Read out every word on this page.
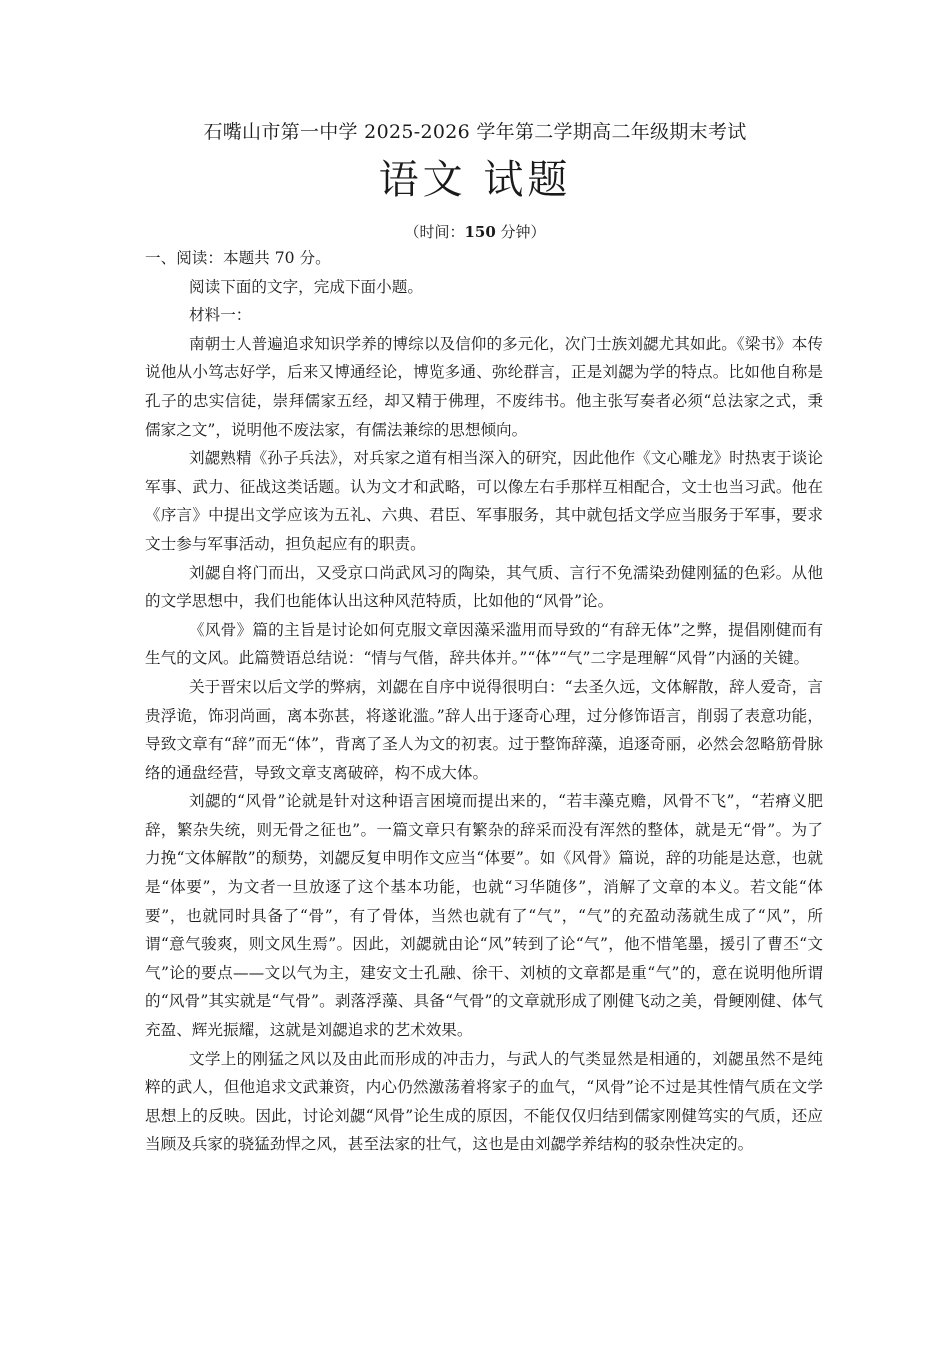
石嘴山市第一中学 2025-2026 学年第二学期高二年级期末考试
语文 试题
（时间：150 分钟）

一、阅读：本题共 70 分。

阅读下面的文字，完成下面小题。

材料一：

南朝士人普遍追求知识学养的博综以及信仰的多元化，次门士族刘勰尤其如此。《梁书》本传说他从小笃志好学，后来又博通经论，博览多通、弥纶群言，正是刘勰为学的特点。比如他自称是孔子的忠实信徒，崇拜儒家五经，却又精于佛理，不废纬书。他主张写奏者必须“总法家之式，秉儒家之文”，说明他不废法家，有儒法兼综的思想倾向。

刘勰熟精《孙子兵法》，对兵家之道有相当深入的研究，因此他作《文心雕龙》时热衷于谈论军事、武力、征战这类话题。认为文才和武略，可以像左右手那样互相配合，文士也当习武。他在《序言》中提出文学应该为五礼、六典、君臣、军事服务，其中就包括文学应当服务于军事，要求文士参与军事活动，担负起应有的职责。

刘勰自将门而出，又受京口尚武风习的陶染，其气质、言行不免濡染劲健刚猛的色彩。从他的文学思想中，我们也能体认出这种风范特质，比如他的“风骨”论。

《风骨》篇的主旨是讨论如何克服文章因藻采滥用而导致的“有辞无体”之弊，提倡刚健而有生气的文风。此篇赞语总结说：“情与气偕，辞共体并。”“体”“气”二字是理解“风骨”内涵的关键。

关于晋宋以后文学的弊病，刘勰在自序中说得很明白：“去圣久远，文体解散，辞人爱奇，言贵浮诡，饰羽尚画，离本弥甚，将遂讹滥。”辞人出于逐奇心理，过分修饰语言，削弱了表意功能，导致文章有“辞”而无“体”，背离了圣人为文的初衷。过于整饰辞藻，追逐奇丽，必然会忽略筋骨脉络的通盘经营，导致文章支离破碎，构不成大体。

刘勰的“风骨”论就是针对这种语言困境而提出来的，“若丰藻克赡，风骨不飞”，“若瘠义肥辞，繁杂失统，则无骨之征也”。一篇文章只有繁杂的辞采而没有浑然的整体，就是无“骨”。为了力挽“文体解散”的颓势，刘勰反复申明作文应当“体要”。如《风骨》篇说，辞的功能是达意，也就是“体要”，为文者一旦放逐了这个基本功能，也就“习华随侈”，消解了文章的本义。若文能“体要”，也就同时具备了“骨”，有了骨体，当然也就有了“气”，“气”的充盈动荡就生成了“风”，所谓“意气骏爽，则文风生焉”。因此，刘勰就由论“风”转到了论“气”，他不惜笔墨，援引了曹丕“文气”论的要点——文以气为主，建安文士孔融、徐干、刘桢的文章都是重“气”的，意在说明他所谓的“风骨”其实就是“气骨”。剥落浮藻、具备“气骨”的文章就形成了刚健飞动之美，骨鲠刚健、体气充盈、辉光振耀，这就是刘勰追求的艺术效果。

文学上的刚猛之风以及由此而形成的冲击力，与武人的气类显然是相通的，刘勰虽然不是纯粹的武人，但他追求文武兼资，内心仍然激荡着将家子的血气，“风骨”论不过是其性情气质在文学思想上的反映。因此，讨论刘勰“风骨”论生成的原因，不能仅仅归结到儒家刚健笃实的气质，还应当顾及兵家的骁猛劲悍之风，甚至法家的壮气，这也是由刘勰学养结构的驳杂性决定的。
